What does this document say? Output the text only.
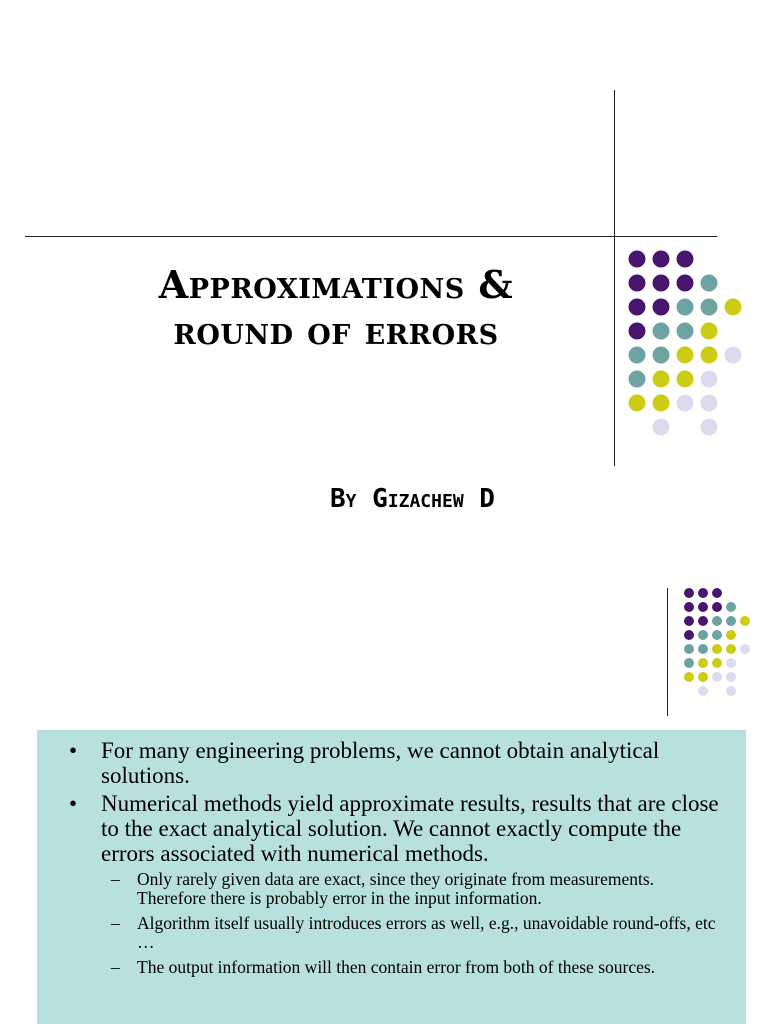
Approximations &
round of errors
By Gizachew D
• For many engineering problems, we cannot obtain analytical solutions.
• Numerical methods yield approximate results, results that are close to the exact analytical solution. We cannot exactly compute the errors associated with numerical methods.
– Only rarely given data are exact, since they originate from measurements. Therefore there is probably error in the input information.
– Algorithm itself usually introduces errors as well, e.g., unavoidable round-offs, etc …
– The output information will then contain error from both of these sources.
